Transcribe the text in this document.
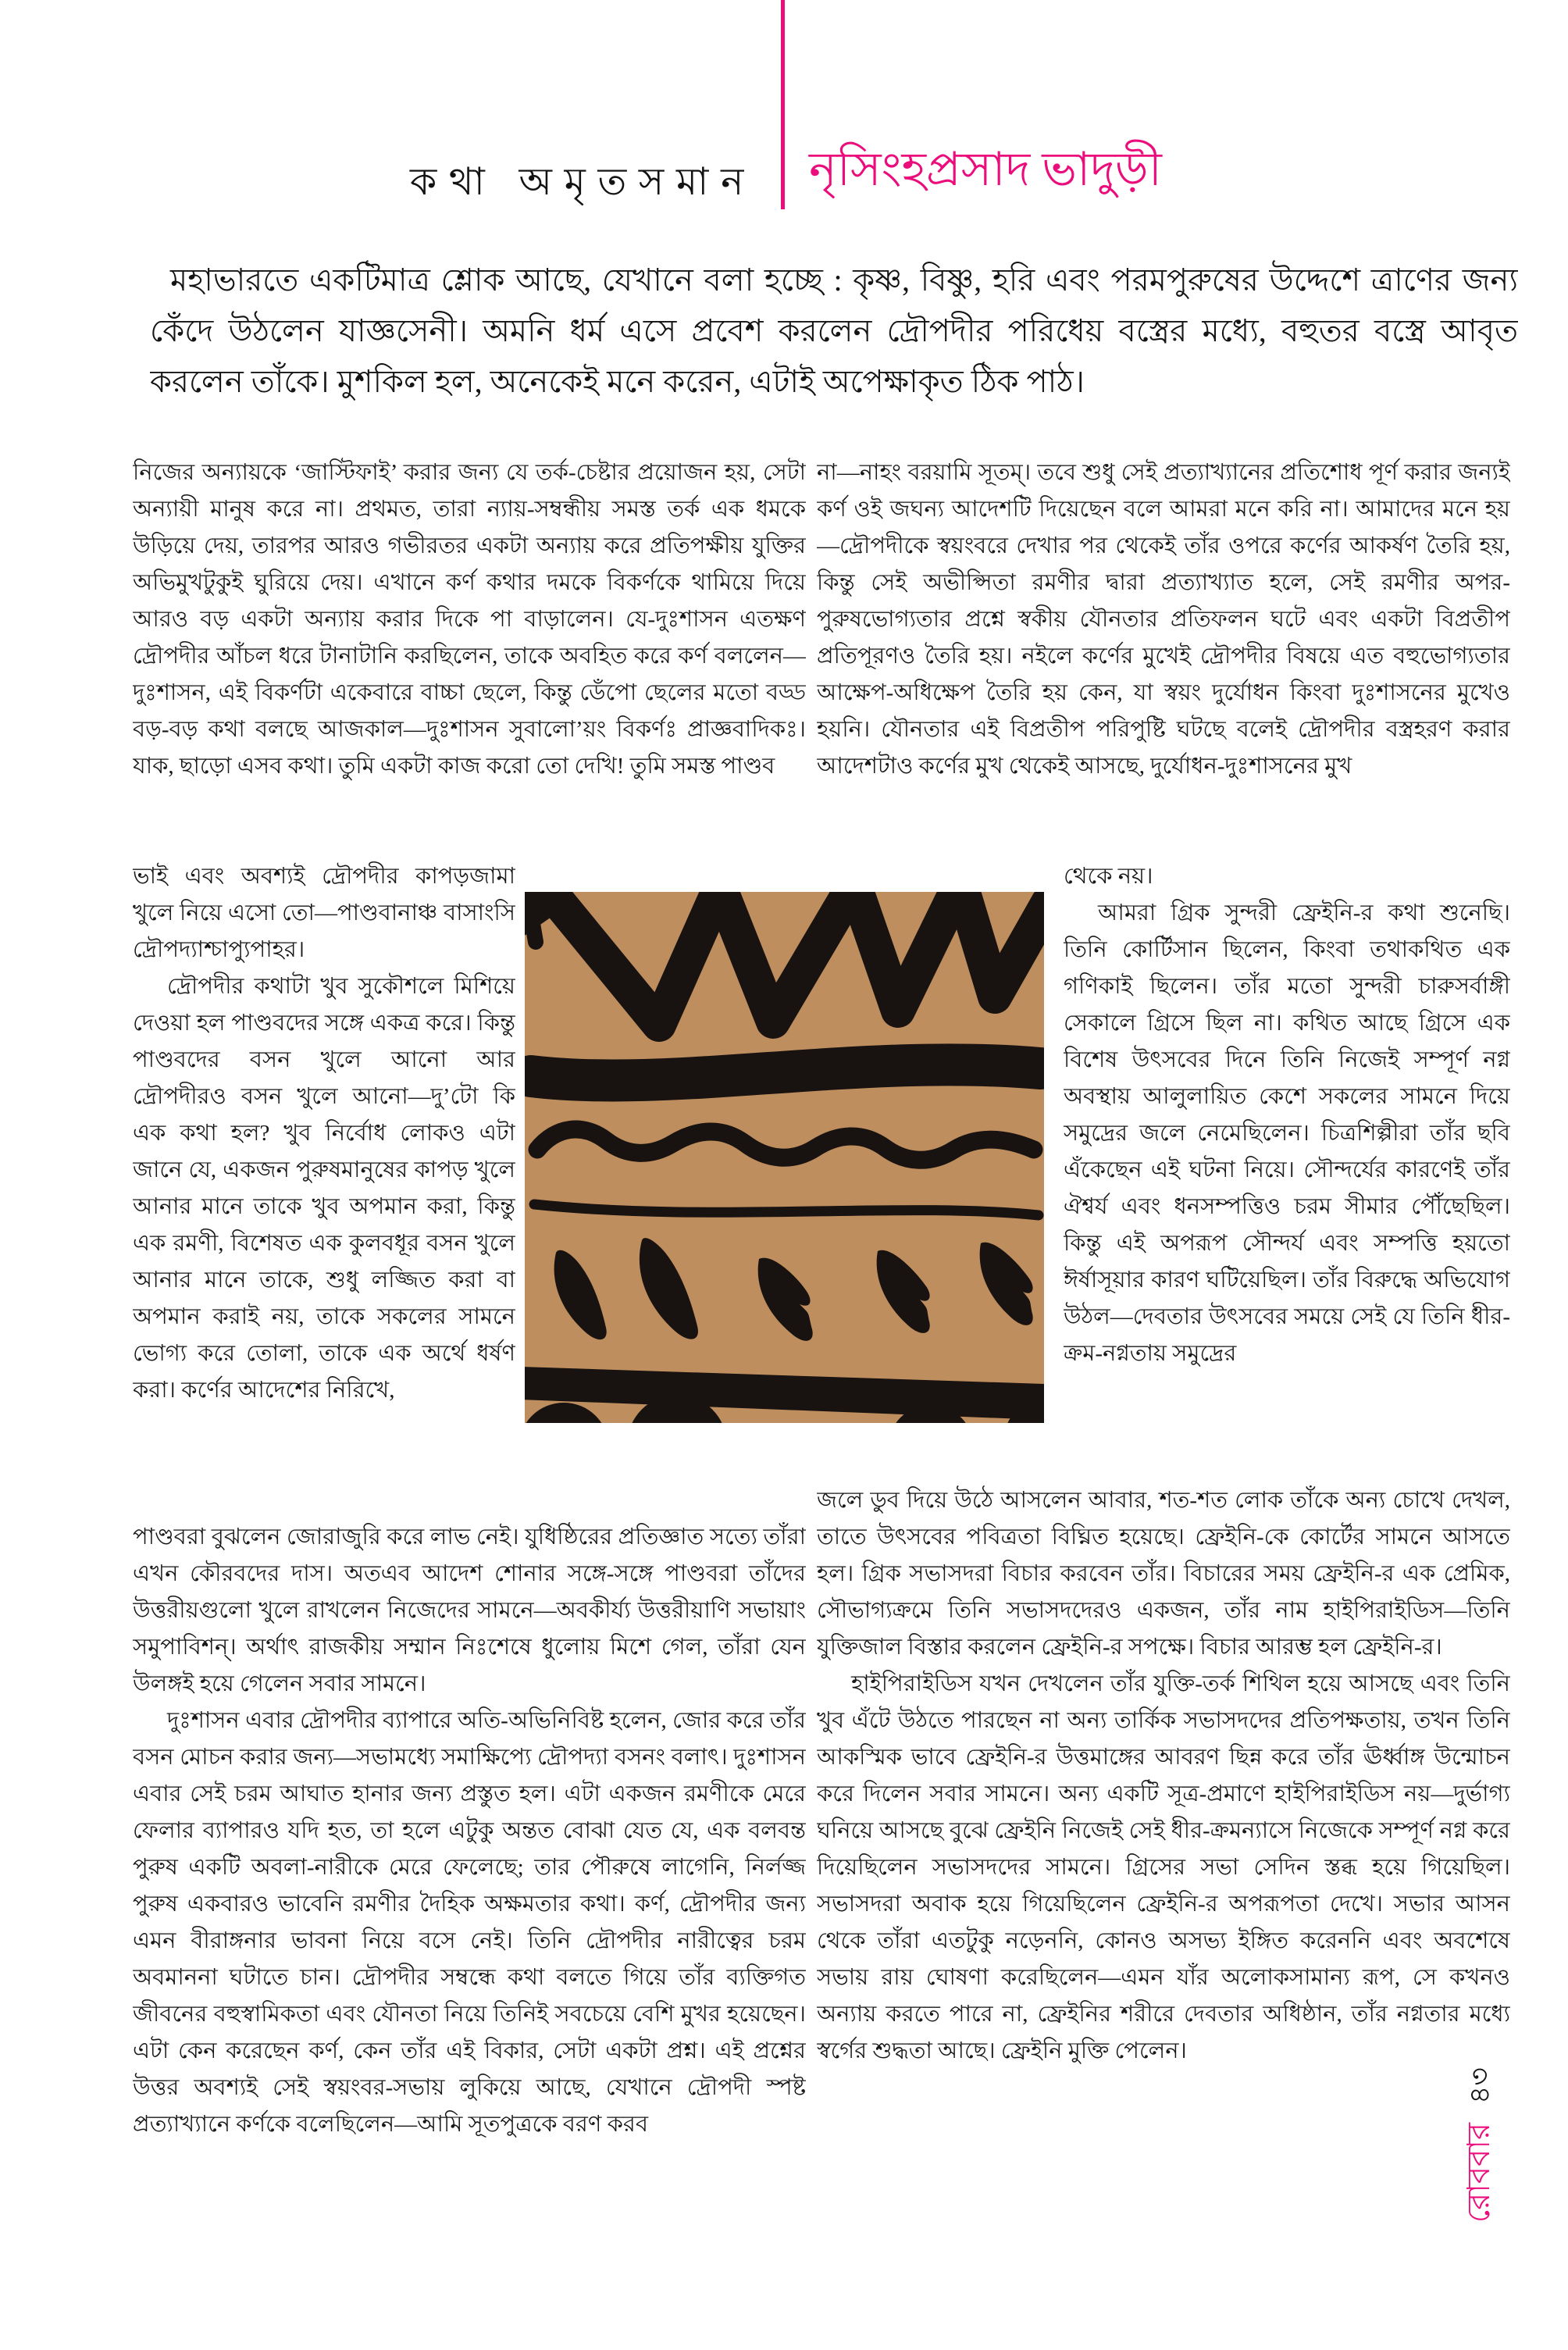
কথা অমৃতসমান নৃসিংহপ্রসাদ ভাদুড়ী
মহাভারতে একটিমাত্র শ্লোক আছে, যেখানে বলা হচ্ছে : কৃষ্ণ, বিষ্ণু, হরি এবং পরমপুরুষের উদ্দেশে ত্রাণের জন্য কেঁদে উঠলেন যাজ্ঞসেনী। অমনি ধর্ম এসে প্রবেশ করলেন দ্রৌপদীর পরিধেয় বস্ত্রের মধ্যে, বহুতর বস্ত্রে আবৃত করলেন তাঁকে। মুশকিল হল, অনেকেই মনে করেন, এটাই অপেক্ষাকৃত ঠিক পাঠ।

নিজের অন্যায়কে ‘জাস্টিফাই’ করার জন্য যে তর্ক-চেষ্টার প্রয়োজন হয়, সেটা অন্যায়ী মানুষ করে না। প্রথমত, তারা ন্যায়-সম্বন্ধীয় সমস্ত তর্ক এক ধমকে উড়িয়ে দেয়, তারপর আরও গভীরতর একটা অন্যায় করে প্রতিপক্ষীয় যুক্তির অভিমুখটুকুই ঘুরিয়ে দেয়। এখানে কর্ণ কথার দমকে বিকর্ণকে থামিয়ে দিয়ে আরও বড় একটা অন্যায় করার দিকে পা বাড়ালেন। যে-দুঃশাসন এতক্ষণ দ্রৌপদীর আঁচল ধরে টানাটানি করছিলেন, তাকে অবহিত করে কর্ণ বললেন—দুঃশাসন, এই বিকর্ণটা একেবারে বাচ্চা ছেলে, কিন্তু ডেঁপো ছেলের মতো বড্ড বড়-বড় কথা বলছে আজকাল—দুঃশাসন সুবালো’য়ং বিকর্ণঃ প্রাজ্ঞবাদিকঃ। যাক, ছাড়ো এসব কথা। তুমি একটা কাজ করো তো দেখি! তুমি সমস্ত পাণ্ডব

ভাই এবং অবশ্যই দ্রৌপদীর কাপড়জামা খুলে নিয়ে এসো তো—পাণ্ডবানাঞ্চ বাসাংসি দ্রৌপদ্যাশ্চাপ্যুপাহর।

দ্রৌপদীর কথাটা খুব সুকৌশলে মিশিয়ে দেওয়া হল পাণ্ডবদের সঙ্গে একত্র করে। কিন্তু পাণ্ডবদের বসন খুলে আনো আর দ্রৌপদীরও বসন খুলে আনো—দু’টো কি এক কথা হল? খুব নির্বোধ লোকও এটা জানে যে, একজন পুরুষমানুষের কাপড় খুলে আনার মানে তাকে খুব অপমান করা, কিন্তু এক রমণী, বিশেষত এক কুলবধূর বসন খুলে আনার মানে তাকে, শুধু লজ্জিত করা বা অপমান করাই নয়, তাকে সকলের সামনে ভোগ্য করে তোলা, তাকে এক অর্থে ধর্ষণ করা। কর্ণের আদেশের নিরিখে,

পাণ্ডবরা বুঝলেন জোরাজুরি করে লাভ নেই। যুধিষ্ঠিরের প্রতিজ্ঞাত সত্যে তাঁরা এখন কৌরবদের দাস। অতএব আদেশ শোনার সঙ্গে-সঙ্গে পাণ্ডবরা তাঁদের উত্তরীয়গুলো খুলে রাখলেন নিজেদের সামনে—অবকীর্য্য উত্তরীয়াণি সভায়াং সমুপাবিশন্। অর্থাৎ রাজকীয় সম্মান নিঃশেষে ধুলোয় মিশে গেল, তাঁরা যেন উলঙ্গই হয়ে গেলেন সবার সামনে।

দুঃশাসন এবার দ্রৌপদীর ব্যাপারে অতি-অভিনিবিষ্ট হলেন, জোর করে তাঁর বসন মোচন করার জন্য—সভামধ্যে সমাক্ষিপ্যে দ্রৌপদ্যা বসনং বলাৎ। দুঃশাসন এবার সেই চরম আঘাত হানার জন্য প্রস্তুত হল। এটা একজন রমণীকে মেরে ফেলার ব্যাপারও যদি হত, তা হলে এটুকু অন্তত বোঝা যেত যে, এক বলবন্ত পুরুষ একটি অবলা-নারীকে মেরে ফেলেছে; তার পৌরুষে লাগেনি, নির্লজ্জ পুরুষ একবারও ভাবেনি রমণীর দৈহিক অক্ষমতার কথা। কর্ণ, দ্রৌপদীর জন্য এমন বীরাঙ্গনার ভাবনা নিয়ে বসে নেই। তিনি দ্রৌপদীর নারীত্বের চরম অবমাননা ঘটাতে চান। দ্রৌপদীর সম্বন্ধে কথা বলতে গিয়ে তাঁর ব্যক্তিগত জীবনের বহুস্বামিকতা এবং যৌনতা নিয়ে তিনিই সবচেয়ে বেশি মুখর হয়েছেন। এটা কেন করেছেন কর্ণ, কেন তাঁর এই বিকার, সেটা একটা প্রশ্ন। এই প্রশ্নের উত্তর অবশ্যই সেই স্বয়ংবর-সভায় লুকিয়ে আছে, যেখানে দ্রৌপদী স্পষ্ট প্রত্যাখ্যানে কর্ণকে বলেছিলেন—আমি সূতপুত্রকে বরণ করব

না—নাহং বরয়ামি সূতম্। তবে শুধু সেই প্রত্যাখ্যানের প্রতিশোধ পূর্ণ করার জন্যই কর্ণ ওই জঘন্য আদেশটি দিয়েছেন বলে আমরা মনে করি না। আমাদের মনে হয়—দ্রৌপদীকে স্বয়ংবরে দেখার পর থেকেই তাঁর ওপরে কর্ণের আকর্ষণ তৈরি হয়, কিন্তু সেই অভীপ্সিতা রমণীর দ্বারা প্রত্যাখ্যাত হলে, সেই রমণীর অপর-পুরুষভোগ্যতার প্রশ্নে স্বকীয় যৌনতার প্রতিফলন ঘটে এবং একটা বিপ্রতীপ প্রতিপূরণও তৈরি হয়। নইলে কর্ণের মুখেই দ্রৌপদীর বিষয়ে এত বহুভোগ্যতার আক্ষেপ-অধিক্ষেপ তৈরি হয় কেন, যা স্বয়ং দুর্যোধন কিংবা দুঃশাসনের মুখেও হয়নি। যৌনতার এই বিপ্রতীপ পরিপুষ্টি ঘটছে বলেই দ্রৌপদীর বস্ত্রহরণ করার আদেশটাও কর্ণের মুখ থেকেই আসছে, দুর্যোধন-দুঃশাসনের মুখ

থেকে নয়।

আমরা গ্রিক সুন্দরী ফ্রেইনি-র কথা শুনেছি। তিনি কোর্টিসান ছিলেন, কিংবা তথাকথিত এক গণিকাই ছিলেন। তাঁর মতো সুন্দরী চারুসর্বাঙ্গী সেকালে গ্রিসে ছিল না। কথিত আছে গ্রিসে এক বিশেষ উৎসবের দিনে তিনি নিজেই সম্পূর্ণ নগ্ন অবস্থায় আলুলায়িত কেশে সকলের সামনে দিয়ে সমুদ্রের জলে নেমেছিলেন। চিত্রশিল্পীরা তাঁর ছবি এঁকেছেন এই ঘটনা নিয়ে। সৌন্দর্যের কারণেই তাঁর ঐশ্বর্য এবং ধনসম্পত্তিও চরম সীমার পৌঁছেছিল। কিন্তু এই অপরূপ সৌন্দর্য এবং সম্পত্তি হয়তো ঈর্ষাসূয়ার কারণ ঘটিয়েছিল। তাঁর বিরুদ্ধে অভিযোগ উঠল—দেবতার উৎসবের সময়ে সেই যে তিনি ধীর-ক্রম-নগ্নতায় সমুদ্রের

জলে ডুব দিয়ে উঠে আসলেন আবার, শত-শত লোক তাঁকে অন্য চোখে দেখল, তাতে উৎসবের পবিত্রতা বিঘ্নিত হয়েছে। ফ্রেইনি-কে কোর্টের সামনে আসতে হল। গ্রিক সভাসদরা বিচার করবেন তাঁর। বিচারের সময় ফ্রেইনি-র এক প্রেমিক, সৌভাগ্যক্রমে তিনি সভাসদদেরও একজন, তাঁর নাম হাইপিরাইডিস—তিনি যুক্তিজাল বিস্তার করলেন ফ্রেইনি-র সপক্ষে। বিচার আরম্ভ হল ফ্রেইনি-র।

হাইপিরাইডিস যখন দেখলেন তাঁর যুক্তি-তর্ক শিথিল হয়ে আসছে এবং তিনি খুব এঁটে উঠতে পারছেন না অন্য তার্কিক সভাসদদের প্রতিপক্ষতায়, তখন তিনি আকস্মিক ভাবে ফ্রেইনি-র উত্তমাঙ্গের আবরণ ছিন্ন করে তাঁর ঊর্ধ্বাঙ্গ উন্মোচন করে দিলেন সবার সামনে। অন্য একটি সূত্র-প্রমাণে হাইপিরাইডিস নয়—দুর্ভাগ্য ঘনিয়ে আসছে বুঝে ফ্রেইনি নিজেই সেই ধীর-ক্রমন্যাসে নিজেকে সম্পূর্ণ নগ্ন করে দিয়েছিলেন সভাসদদের সামনে। গ্রিসের সভা সেদিন স্তব্ধ হয়ে গিয়েছিল। সভাসদরা অবাক হয়ে গিয়েছিলেন ফ্রেইনি-র অপরূপতা দেখে। সভার আসন থেকে তাঁরা এতটুকু নড়েননি, কোনও অসভ্য ইঙ্গিত করেননি এবং অবশেষে সভায় রায় ঘোষণা করেছিলেন—এমন যাঁর অলোকসামান্য রূপ, সে কখনও অন্যায় করতে পারে না, ফ্রেইনির শরীরে দেবতার অধিষ্ঠান, তাঁর নগ্নতার মধ্যে স্বর্গের শুদ্ধতা আছে। ফ্রেইনি মুক্তি পেলেন।

রোববার৪৩
